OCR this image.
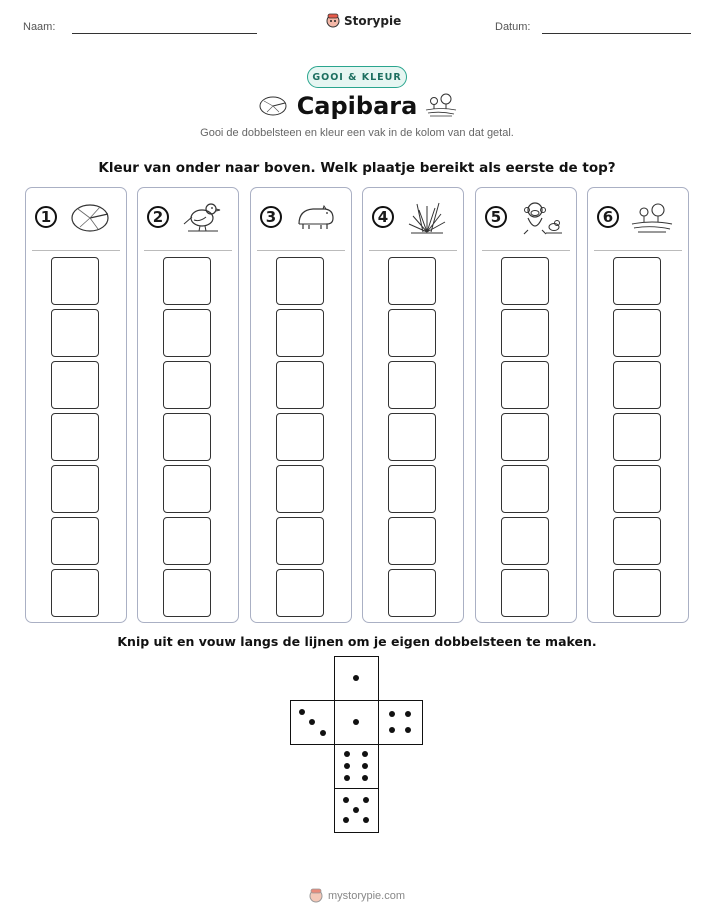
Naam:	Storypie	Datum:
GOOI & KLEUR
Capibara
Gooi de dobbelsteen en kleur een vak in de kolom van dat getal.
Kleur van onder naar boven. Welk plaatje bereikt als eerste de top?
1	2	3	4	5	6
Knip uit en vouw langs de lijnen om je eigen dobbelsteen te maken.
mystorypie.com
